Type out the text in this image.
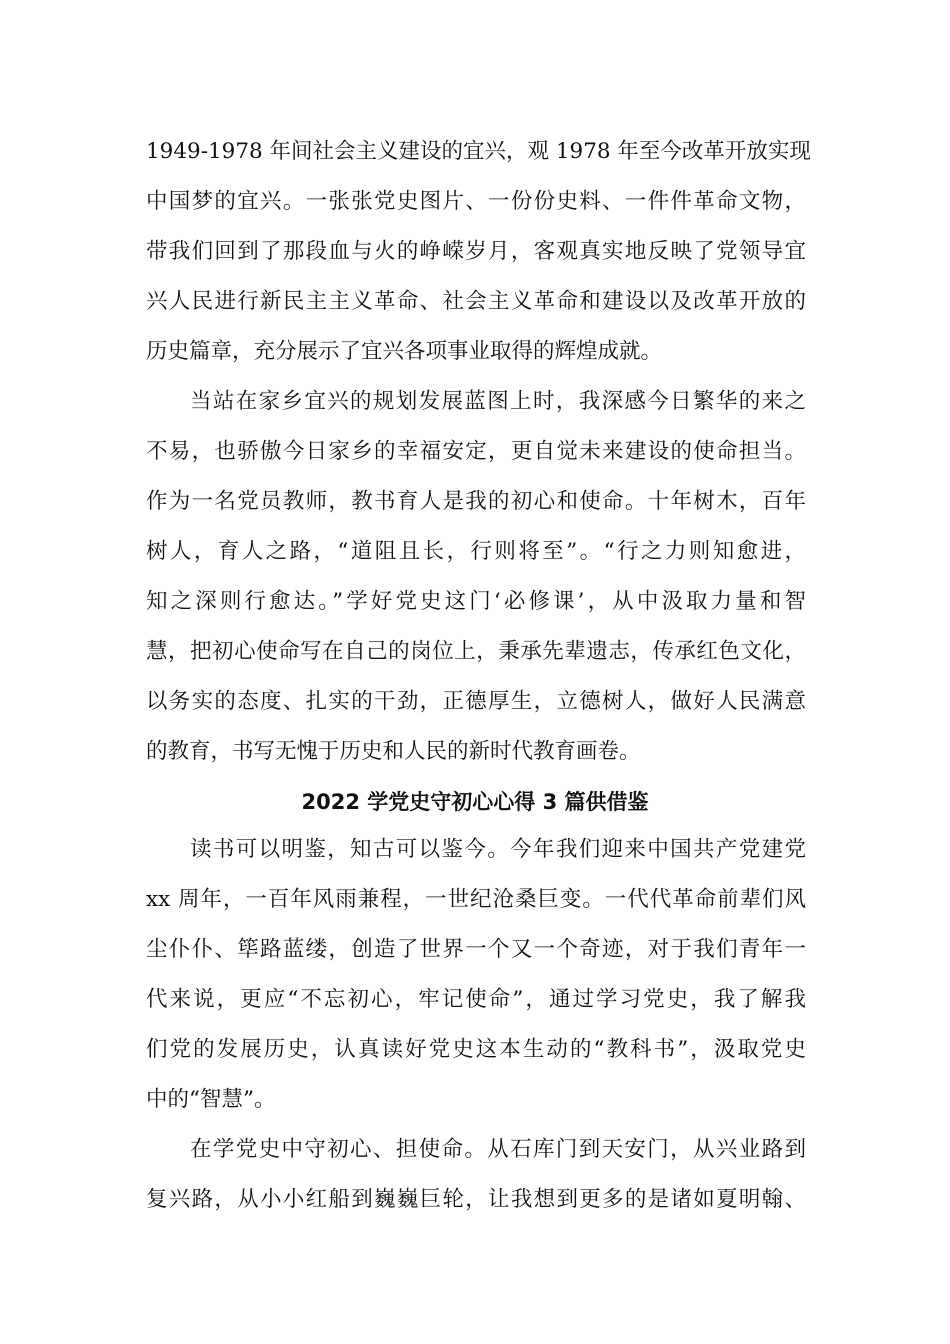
1949-1978 年间社会主义建设的宜兴，观 1978 年至今改革开放实现
中国梦的宜兴。一张张党史图片、一份份史料、一件件革命文物，
带我们回到了那段血与火的峥嵘岁月，客观真实地反映了党领导宜
兴人民进行新民主主义革命、社会主义革命和建设以及改革开放的
历史篇章，充分展示了宜兴各项事业取得的辉煌成就。
当站在家乡宜兴的规划发展蓝图上时，我深感今日繁华的来之
不易，也骄傲今日家乡的幸福安定，更自觉未来建设的使命担当。
作为一名党员教师，教书育人是我的初心和使命。十年树木，百年
树人，育人之路，“道阻且长，行则将至”。“行之力则知愈进，
知之深则行愈达。”学好党史这门‘必修课’，从中汲取力量和智
慧，把初心使命写在自己的岗位上，秉承先辈遗志，传承红色文化，
以务实的态度、扎实的干劲，正德厚生，立德树人，做好人民满意
的教育，书写无愧于历史和人民的新时代教育画卷。
2022 学党史守初心心得 3 篇供借鉴
读书可以明鉴，知古可以鉴今。今年我们迎来中国共产党建党
xx 周年，一百年风雨兼程，一世纪沧桑巨变。一代代革命前辈们风
尘仆仆、筚路蓝缕，创造了世界一个又一个奇迹，对于我们青年一
代来说，更应“不忘初心，牢记使命”，通过学习党史，我了解我
们党的发展历史，认真读好党史这本生动的“教科书”，汲取党史
中的“智慧”。
在学党史中守初心、担使命。从石库门到天安门，从兴业路到
复兴路，从小小红船到巍巍巨轮，让我想到更多的是诸如夏明翰、
